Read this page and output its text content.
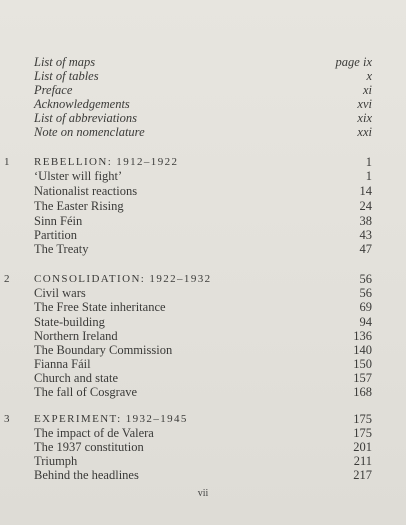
List of maps	page ix
List of tables	x
Preface	xi
Acknowledgements	xvi
List of abbreviations	xix
Note on nomenclature	xxi
1 REBELLION: 1912–1922	1
‘Ulster will fight’	1
Nationalist reactions	14
The Easter Rising	24
Sinn Féin	38
Partition	43
The Treaty	47
2 CONSOLIDATION: 1922–1932	56
Civil wars	56
The Free State inheritance	69
State-building	94
Northern Ireland	136
The Boundary Commission	140
Fianna Fáil	150
Church and state	157
The fall of Cosgrave	168
3 EXPERIMENT: 1932–1945	175
The impact of de Valera	175
The 1937 constitution	201
Triumph	211
Behind the headlines	217
vii
